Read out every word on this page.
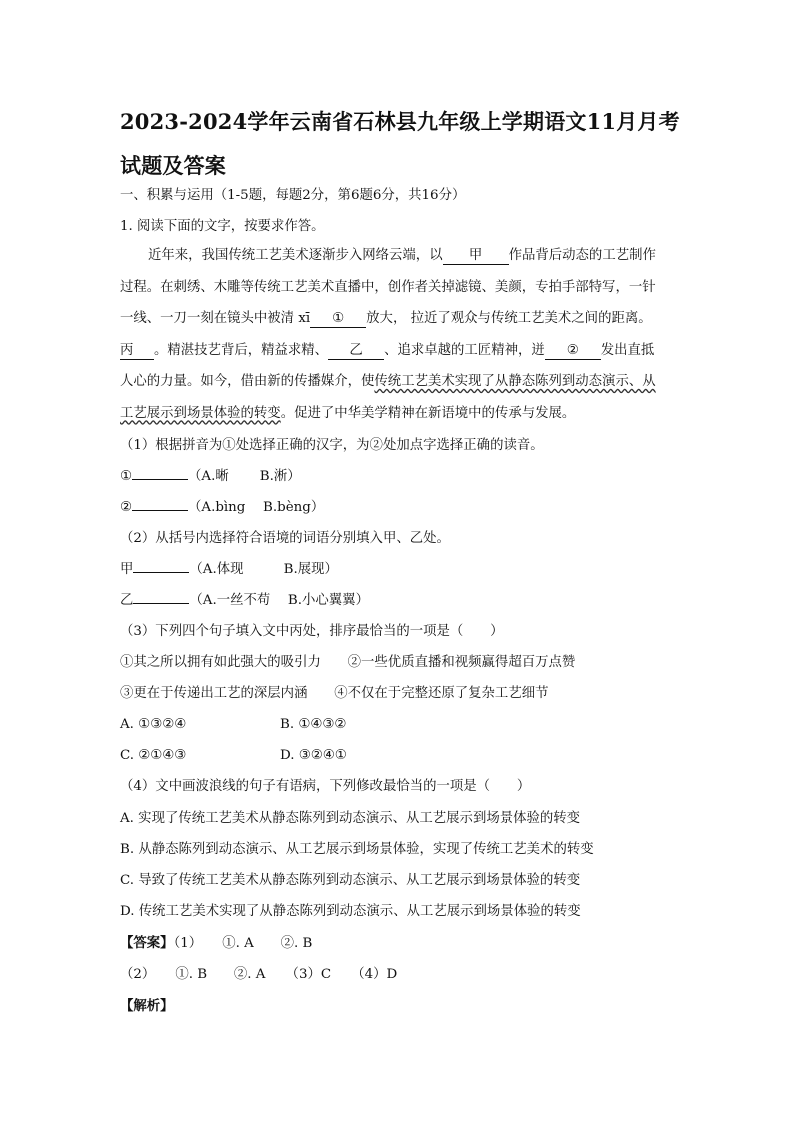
2023-2024学年云南省石林县九年级上学期语文11月月考
试题及答案
一、积累与运用（1-5题，每题2分，第6题6分，共16分）
1. 阅读下面的文字，按要求作答。
近年来，我国传统工艺美术逐渐步入网络云端，以 甲 作品背后动态的工艺制作
过程。在刺绣、木雕等传统工艺美术直播中，创作者关掉滤镜、美颜，专拍手部特写，一针
一线、一刀一刻在镜头中被清 xī ① 放大， 拉近了观众与传统工艺美术之间的距离。
丙 。精湛技艺背后，精益求精、 乙 、追求卓越的工匠精神，迸 ② 发出直抵
人心的力量。如今，借由新的传播媒介，使传统工艺美术实现了从静态陈列到动态演示、从
工艺展示到场景体验的转变。促进了中华美学精神在新语境中的传承与发展。
（1）根据拼音为①处选择正确的汉字，为②处加点字选择正确的读音。
①	（A.晰　　 B.淅）
②	（A.bìng　 B.bèng）
（2）从括号内选择符合语境的词语分别填入甲、乙处。
甲	（A.体现　　　B.展现）
乙	（A.一丝不苟　 B.小心翼翼）
（3）下列四个句子填入文中丙处，排序最恰当的一项是（　　）
①其之所以拥有如此强大的吸引力　　②一些优质直播和视频赢得超百万点赞
③更在于传递出工艺的深层内涵　　④不仅在于完整还原了复杂工艺细节
A. ①③②④	B. ①④③②
C. ②①④③	D. ③②④①
（4）文中画波浪线的句子有语病，下列修改最恰当的一项是（　　）
A. 实现了传统工艺美术从静态陈列到动态演示、从工艺展示到场景体验的转变
B. 从静态陈列到动态演示、从工艺展示到场景体验，实现了传统工艺美术的转变
C. 导致了传统工艺美术从静态陈列到动态演示、从工艺展示到场景体验的转变
D. 传统工艺美术实现了从静态陈列到动态演示、从工艺展示到场景体验的转变
【答案】（1）　　①. A　　②. B
（2）　　①. B　　②. A　　（3）C　　（4）D
【解析】
